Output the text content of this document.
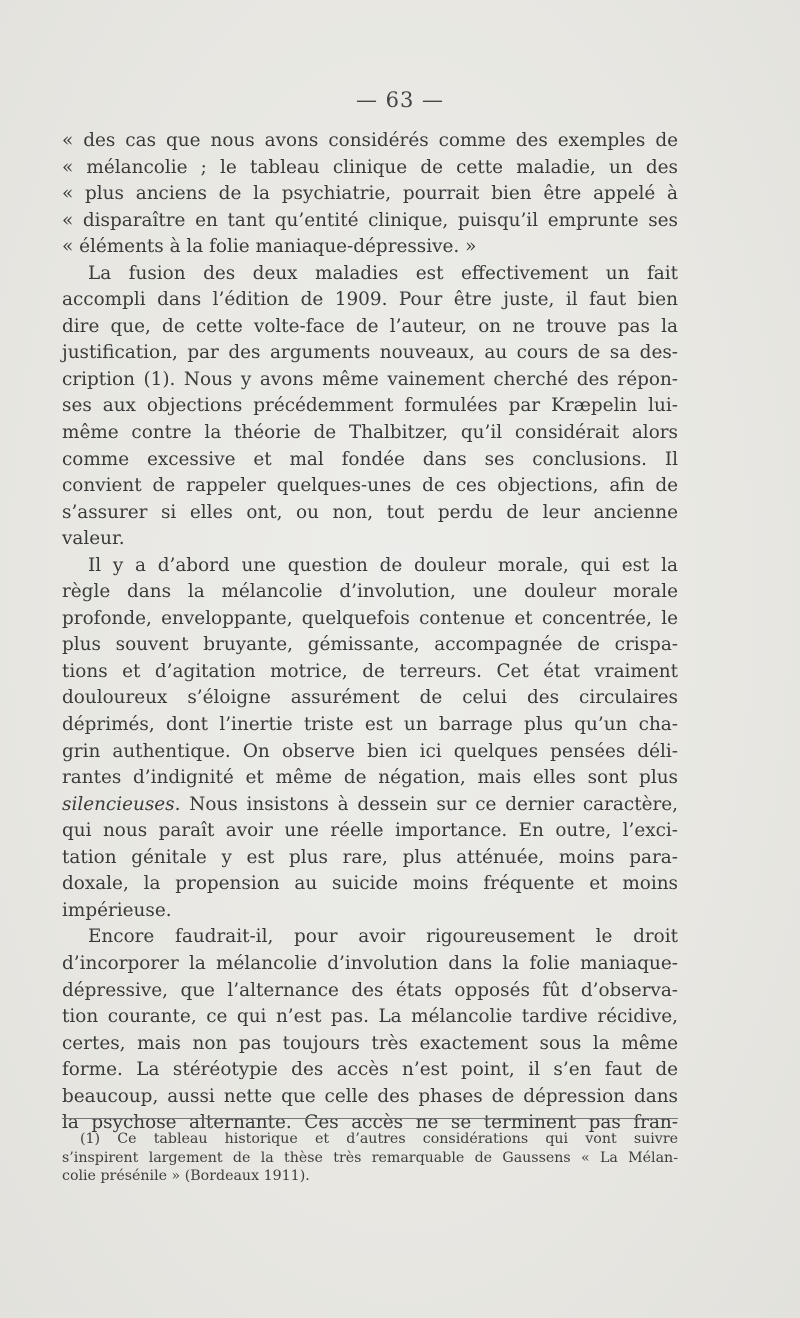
— 63 —
« des cas que nous avons considérés comme des exemples de
« mélancolie ; le tableau clinique de cette maladie, un des
« plus anciens de la psychiatrie, pourrait bien être appelé à
« disparaître en tant qu’entité clinique, puisqu’il emprunte ses
« éléments à la folie maniaque-dépressive. »
La fusion des deux maladies est effectivement un fait
accompli dans l’édition de 1909. Pour être juste, il faut bien
dire que, de cette volte-face de l’auteur, on ne trouve pas la
justification, par des arguments nouveaux, au cours de sa des-
cription (1). Nous y avons même vainement cherché des répon-
ses aux objections précédemment formulées par Kræpelin lui-
même contre la théorie de Thalbitzer, qu’il considérait alors
comme excessive et mal fondée dans ses conclusions. Il
convient de rappeler quelques-unes de ces objections, afin de
s’assurer si elles ont, ou non, tout perdu de leur ancienne
valeur.
Il y a d’abord une question de douleur morale, qui est la
règle dans la mélancolie d’involution, une douleur morale
profonde, enveloppante, quelquefois contenue et concentrée, le
plus souvent bruyante, gémissante, accompagnée de crispa-
tions et d’agitation motrice, de terreurs. Cet état vraiment
douloureux s’éloigne assurément de celui des circulaires
déprimés, dont l’inertie triste est un barrage plus qu’un cha-
grin authentique. On observe bien ici quelques pensées déli-
rantes d’indignité et même de négation, mais elles sont plus
silencieuses. Nous insistons à dessein sur ce dernier caractère,
qui nous paraît avoir une réelle importance. En outre, l’exci-
tation génitale y est plus rare, plus atténuée, moins para-
doxale, la propension au suicide moins fréquente et moins
impérieuse.
Encore faudrait-il, pour avoir rigoureusement le droit
d’incorporer la mélancolie d’involution dans la folie maniaque-
dépressive, que l’alternance des états opposés fût d’observa-
tion courante, ce qui n’est pas. La mélancolie tardive récidive,
certes, mais non pas toujours très exactement sous la même
forme. La stéréotypie des accès n’est point, il s’en faut de
beaucoup, aussi nette que celle des phases de dépression dans
la psychose alternante. Ces accès ne se terminent pas fran-
(1) Ce tableau historique et d’autres considérations qui vont suivre
s’inspirent largement de la thèse très remarquable de Gaussens « La Mélan-
colie présénile » (Bordeaux 1911).
